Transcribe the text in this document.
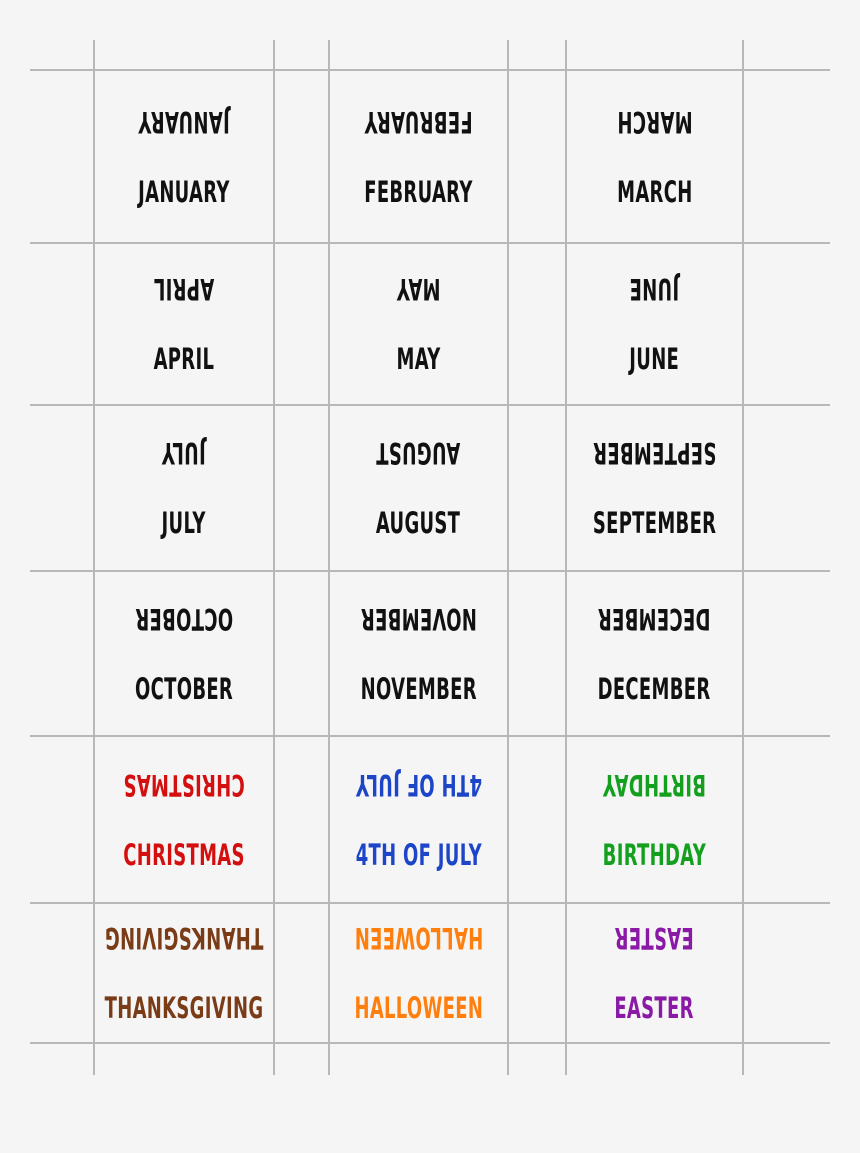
JANUARY
JANUARY
FEBRUARY
FEBRUARY
MARCH
MARCH
APRIL
APRIL
MAY
MAY
JUNE
JUNE
JULY
JULY
AUGUST
AUGUST
SEPTEMBER
SEPTEMBER
OCTOBER
OCTOBER
NOVEMBER
NOVEMBER
DECEMBER
DECEMBER
CHRISTMAS
CHRISTMAS
4TH OF JULY
4TH OF JULY
BIRTHDAY
BIRTHDAY
THANKSGIVING
THANKSGIVING
HALLOWEEN
HALLOWEEN
EASTER
EASTER
